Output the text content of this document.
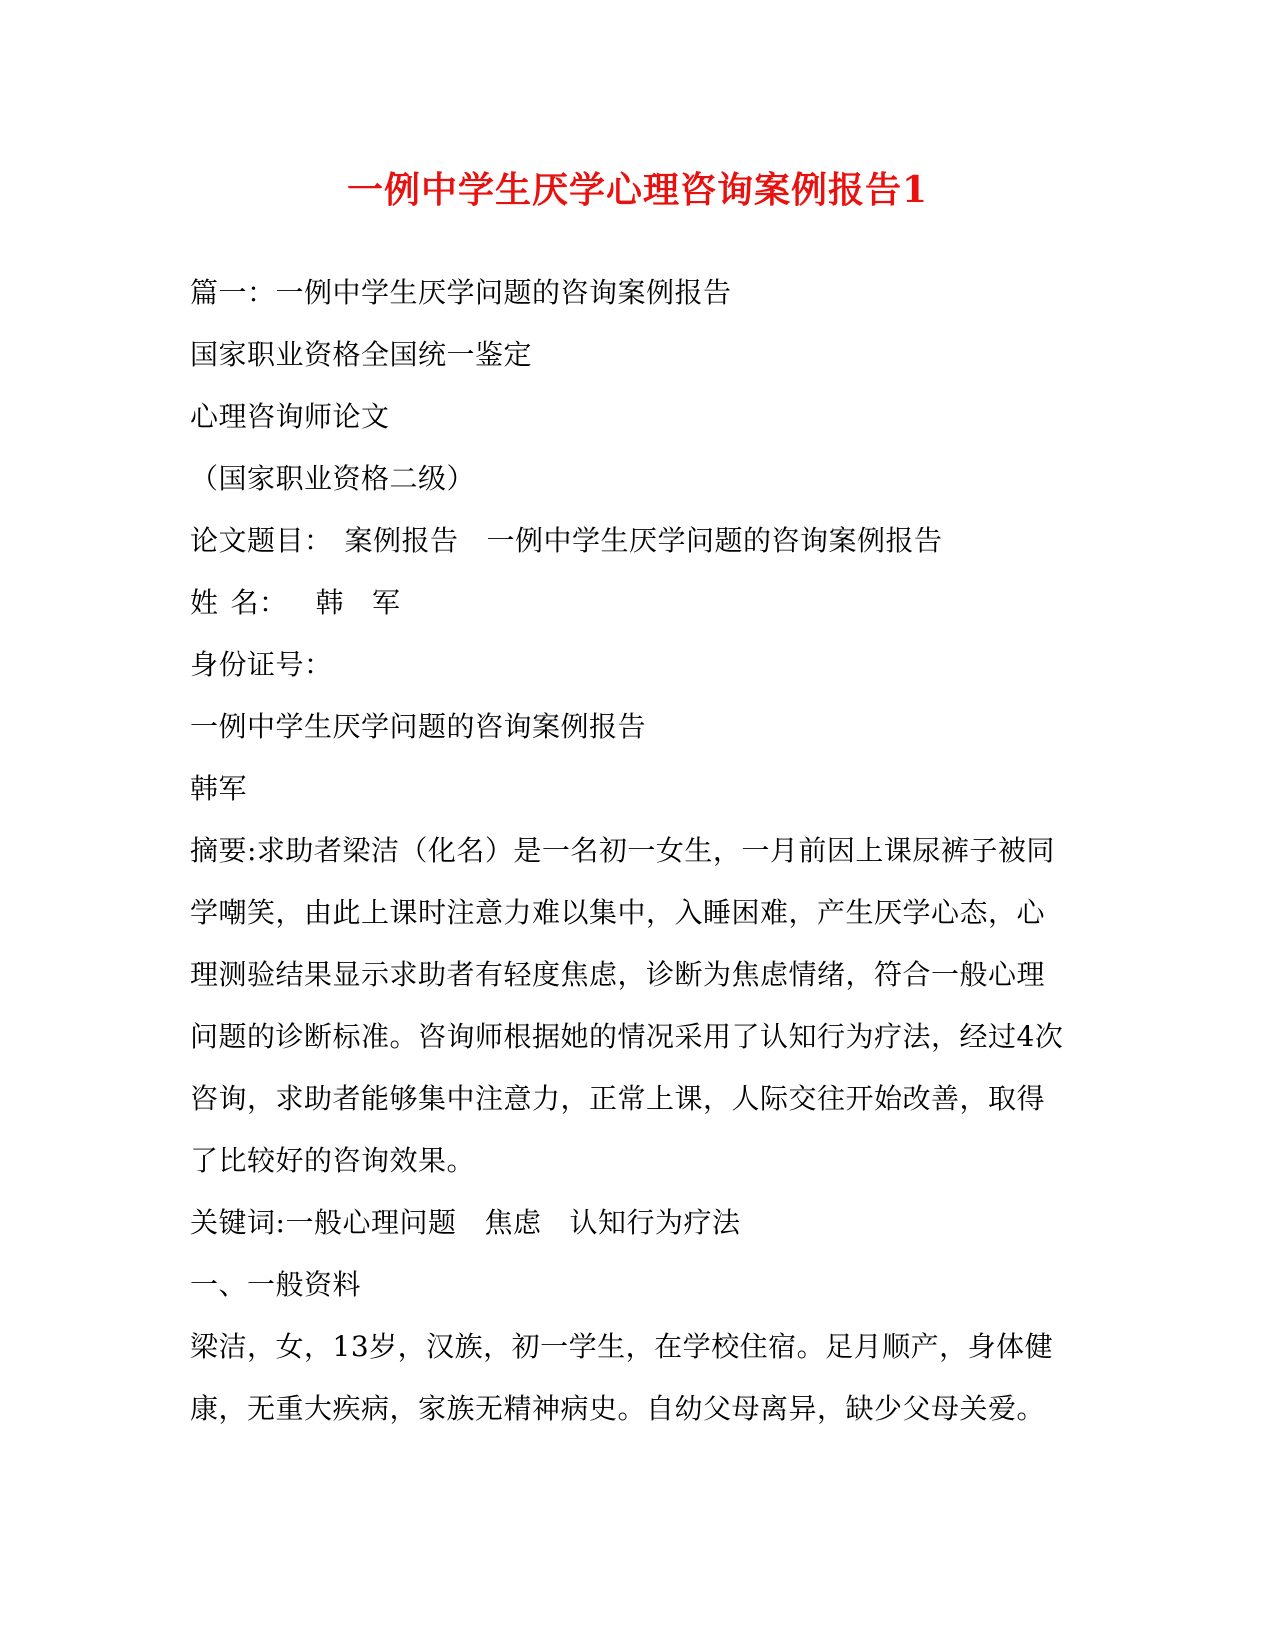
一例中学生厌学心理咨询案例报告1
篇一：一例中学生厌学问题的咨询案例报告
国家职业资格全国统一鉴定
心理咨询师论文
（国家职业资格二级）
论文题目： 案例报告 一例中学生厌学问题的咨询案例报告
姓 名： 韩 军
身份证号：
一例中学生厌学问题的咨询案例报告
韩军
摘要:求助者梁洁（化名）是一名初一女生，一月前因上课尿裤子被同
学嘲笑，由此上课时注意力难以集中，入睡困难，产生厌学心态，心
理测验结果显示求助者有轻度焦虑，诊断为焦虑情绪，符合一般心理
问题的诊断标准。咨询师根据她的情况采用了认知行为疗法，经过4次
咨询，求助者能够集中注意力，正常上课，人际交往开始改善，取得
了比较好的咨询效果。
关键词:一般心理问题 焦虑 认知行为疗法
一、一般资料
梁洁，女，13岁，汉族，初一学生，在学校住宿。足月顺产，身体健
康，无重大疾病，家族无精神病史。自幼父母离异，缺少父母关爱。
